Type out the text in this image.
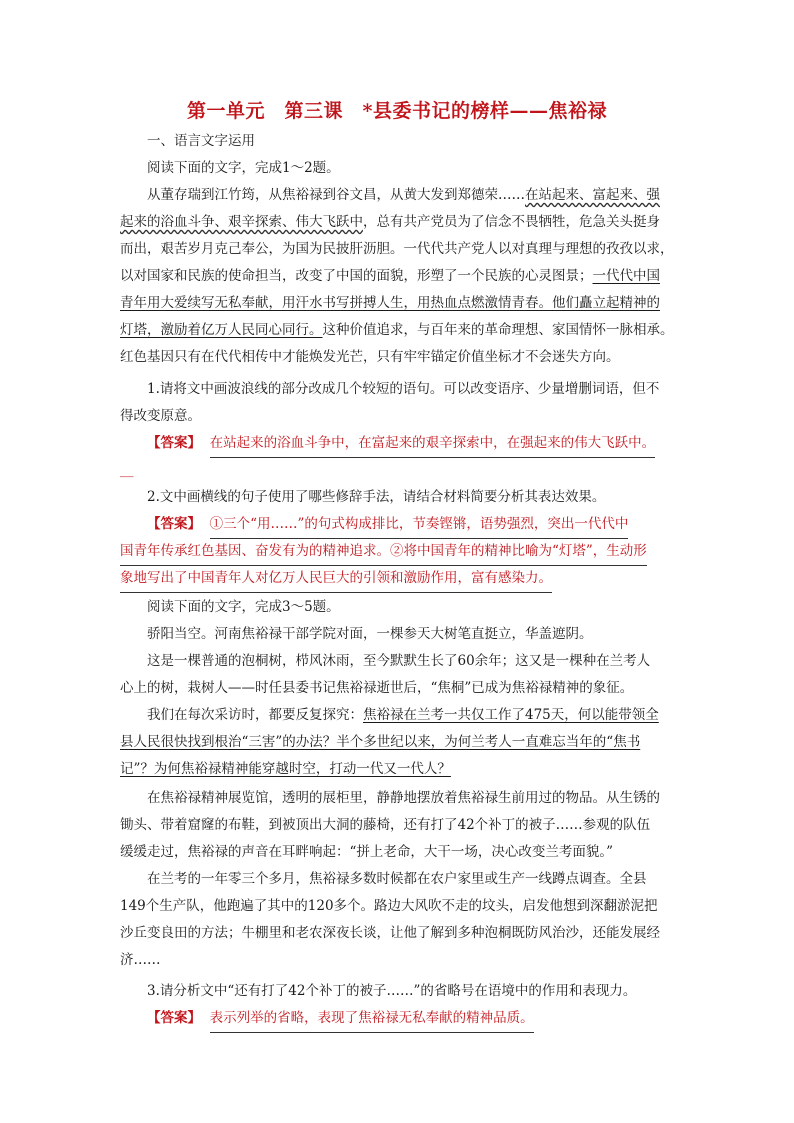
第一单元　第三课　*县委书记的榜样——焦裕禄
一、语言文字运用
阅读下面的文字，完成1～2题。
从董存瑞到江竹筠，从焦裕禄到谷文昌，从黄大发到郑德荣……在站起来、富起来、强
起来的浴血斗争、艰辛探索、伟大飞跃中，总有共产党员为了信念不畏牺牲，危急关头挺身
而出，艰苦岁月克己奉公，为国为民披肝沥胆。一代代共产党人以对真理与理想的孜孜以求，
以对国家和民族的使命担当，改变了中国的面貌，形塑了一个民族的心灵图景；一代代中国
青年用大爱续写无私奉献，用汗水书写拼搏人生，用热血点燃激情青春。他们矗立起精神的
灯塔，激励着亿万人民同心同行。这种价值追求，与百年来的革命理想、家国情怀一脉相承。
红色基因只有在代代相传中才能焕发光芒，只有牢牢锚定价值坐标才不会迷失方向。
1.请将文中画波浪线的部分改成几个较短的语句。可以改变语序、少量增删词语，但不
得改变原意。
【答案】 在站起来的浴血斗争中，在富起来的艰辛探索中，在强起来的伟大飞跃中。
__
2.文中画横线的句子使用了哪些修辞手法，请结合材料简要分析其表达效果。
【答案】 ①三个“用……”的句式构成排比，节奏铿锵，语势强烈，突出一代代中
国青年传承红色基因、奋发有为的精神追求。②将中国青年的精神比喻为“灯塔”，生动形
象地写出了中国青年人对亿万人民巨大的引领和激励作用，富有感染力。
阅读下面的文字，完成3～5题。
骄阳当空。河南焦裕禄干部学院对面，一棵参天大树笔直挺立，华盖遮阴。
这是一棵普通的泡桐树，栉风沐雨，至今默默生长了60余年；这又是一棵种在兰考人
心上的树，栽树人——时任县委书记焦裕禄逝世后，“焦桐”已成为焦裕禄精神的象征。
我们在每次采访时，都要反复探究：焦裕禄在兰考一共仅工作了475天，何以能带领全
县人民很快找到根治“三害”的办法？半个多世纪以来，为何兰考人一直难忘当年的“焦书
记”？为何焦裕禄精神能穿越时空，打动一代又一代人？
在焦裕禄精神展览馆，透明的展柜里，静静地摆放着焦裕禄生前用过的物品。从生锈的
锄头、带着窟窿的布鞋，到被顶出大洞的藤椅，还有打了42个补丁的被子……参观的队伍
缓缓走过，焦裕禄的声音在耳畔响起：“拼上老命，大干一场，决心改变兰考面貌。”
在兰考的一年零三个多月，焦裕禄多数时候都在农户家里或生产一线蹲点调查。全县
149个生产队，他跑遍了其中的120多个。路边大风吹不走的坟头，启发他想到深翻淤泥把
沙丘变良田的方法；牛棚里和老农深夜长谈，让他了解到多种泡桐既防风治沙，还能发展经
济……
3.请分析文中“还有打了42个补丁的被子……”的省略号在语境中的作用和表现力。
【答案】 表示列举的省略，表现了焦裕禄无私奉献的精神品质。
